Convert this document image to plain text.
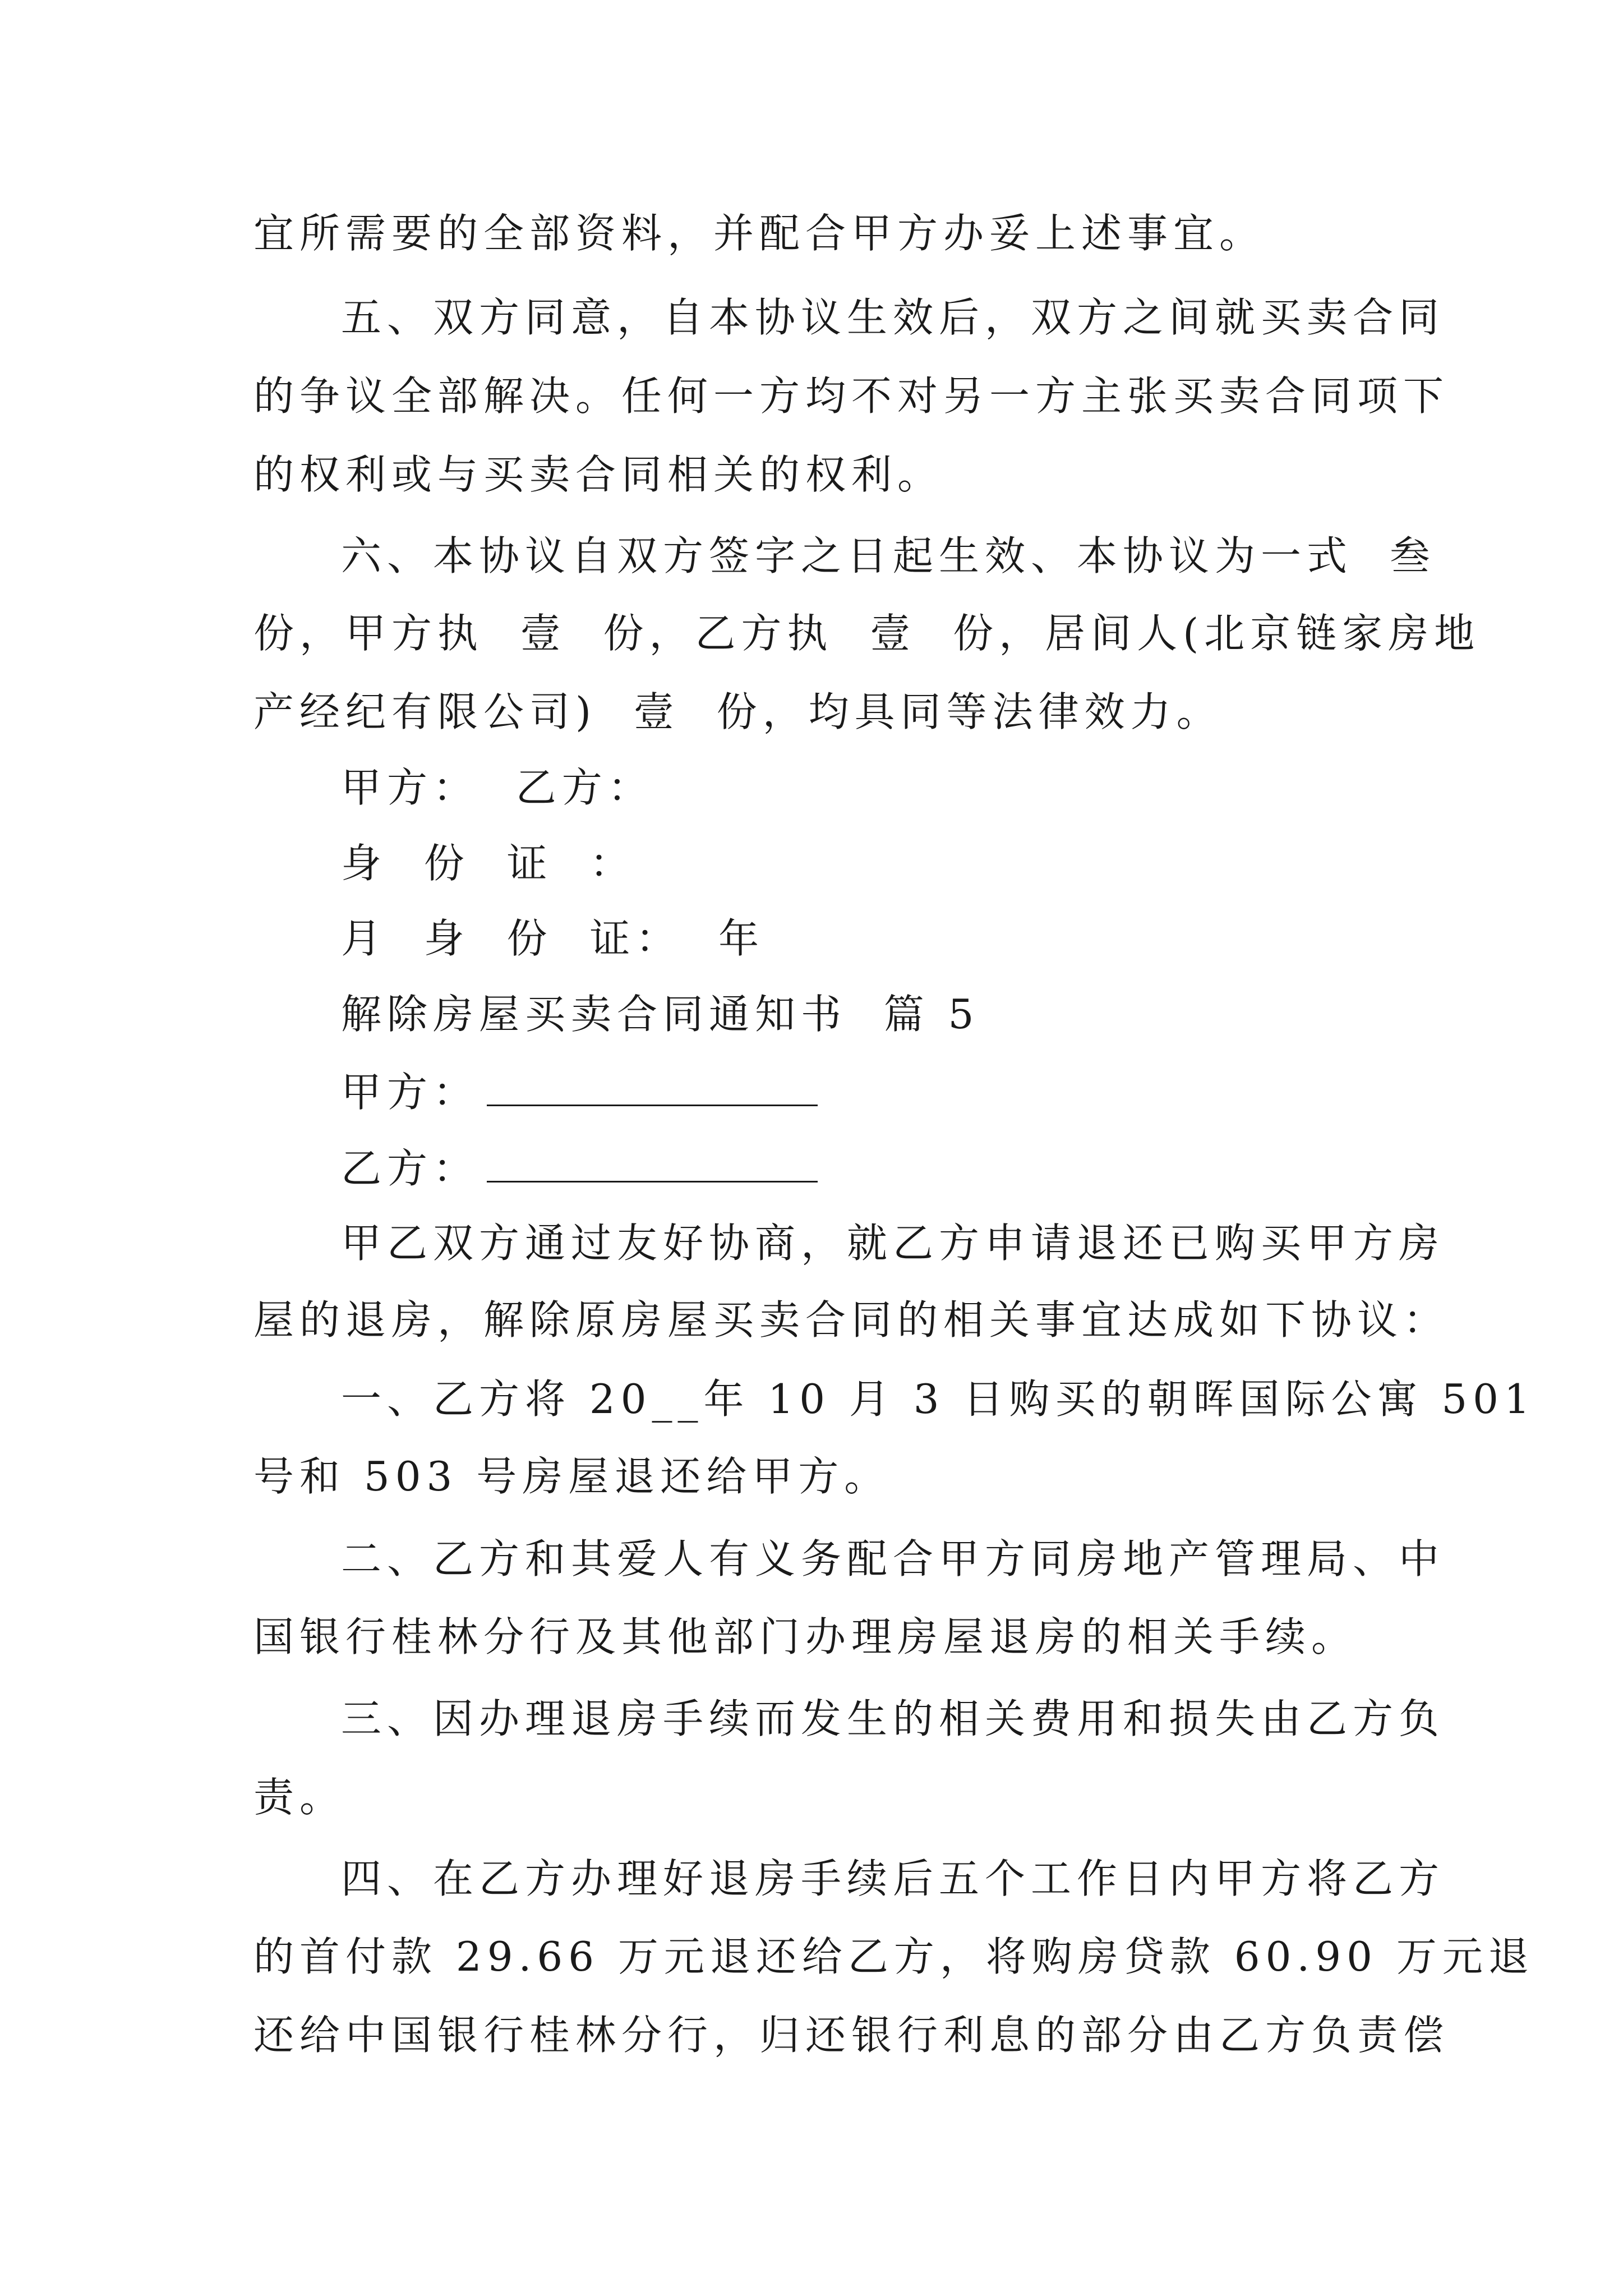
宜所需要的全部资料，并配合甲方办妥上述事宜。
五、双方同意，自本协议生效后，双方之间就买卖合同
的争议全部解决。任何一方均不对另一方主张买卖合同项下
的权利或与买卖合同相关的权利。
六、本协议自双方签字之日起生效、本协议为一式  叁
份，甲方执  壹  份，乙方执  壹  份，居间人(北京链家房地
产经纪有限公司)  壹  份，均具同等法律效力。
甲方：  乙方：
身  份  证  ：
月  身  份  证：  年
解除房屋买卖合同通知书  篇 5
甲方：
乙方：
甲乙双方通过友好协商，就乙方申请退还已购买甲方房
屋的退房，解除原房屋买卖合同的相关事宜达成如下协议：
一、乙方将 20__年 10 月 3 日购买的朝晖国际公寓 501
号和 503 号房屋退还给甲方。
二、乙方和其爱人有义务配合甲方同房地产管理局、中
国银行桂林分行及其他部门办理房屋退房的相关手续。
三、因办理退房手续而发生的相关费用和损失由乙方负
责。
四、在乙方办理好退房手续后五个工作日内甲方将乙方
的首付款 29.66 万元退还给乙方，将购房贷款 60.90 万元退
还给中国银行桂林分行，归还银行利息的部分由乙方负责偿
